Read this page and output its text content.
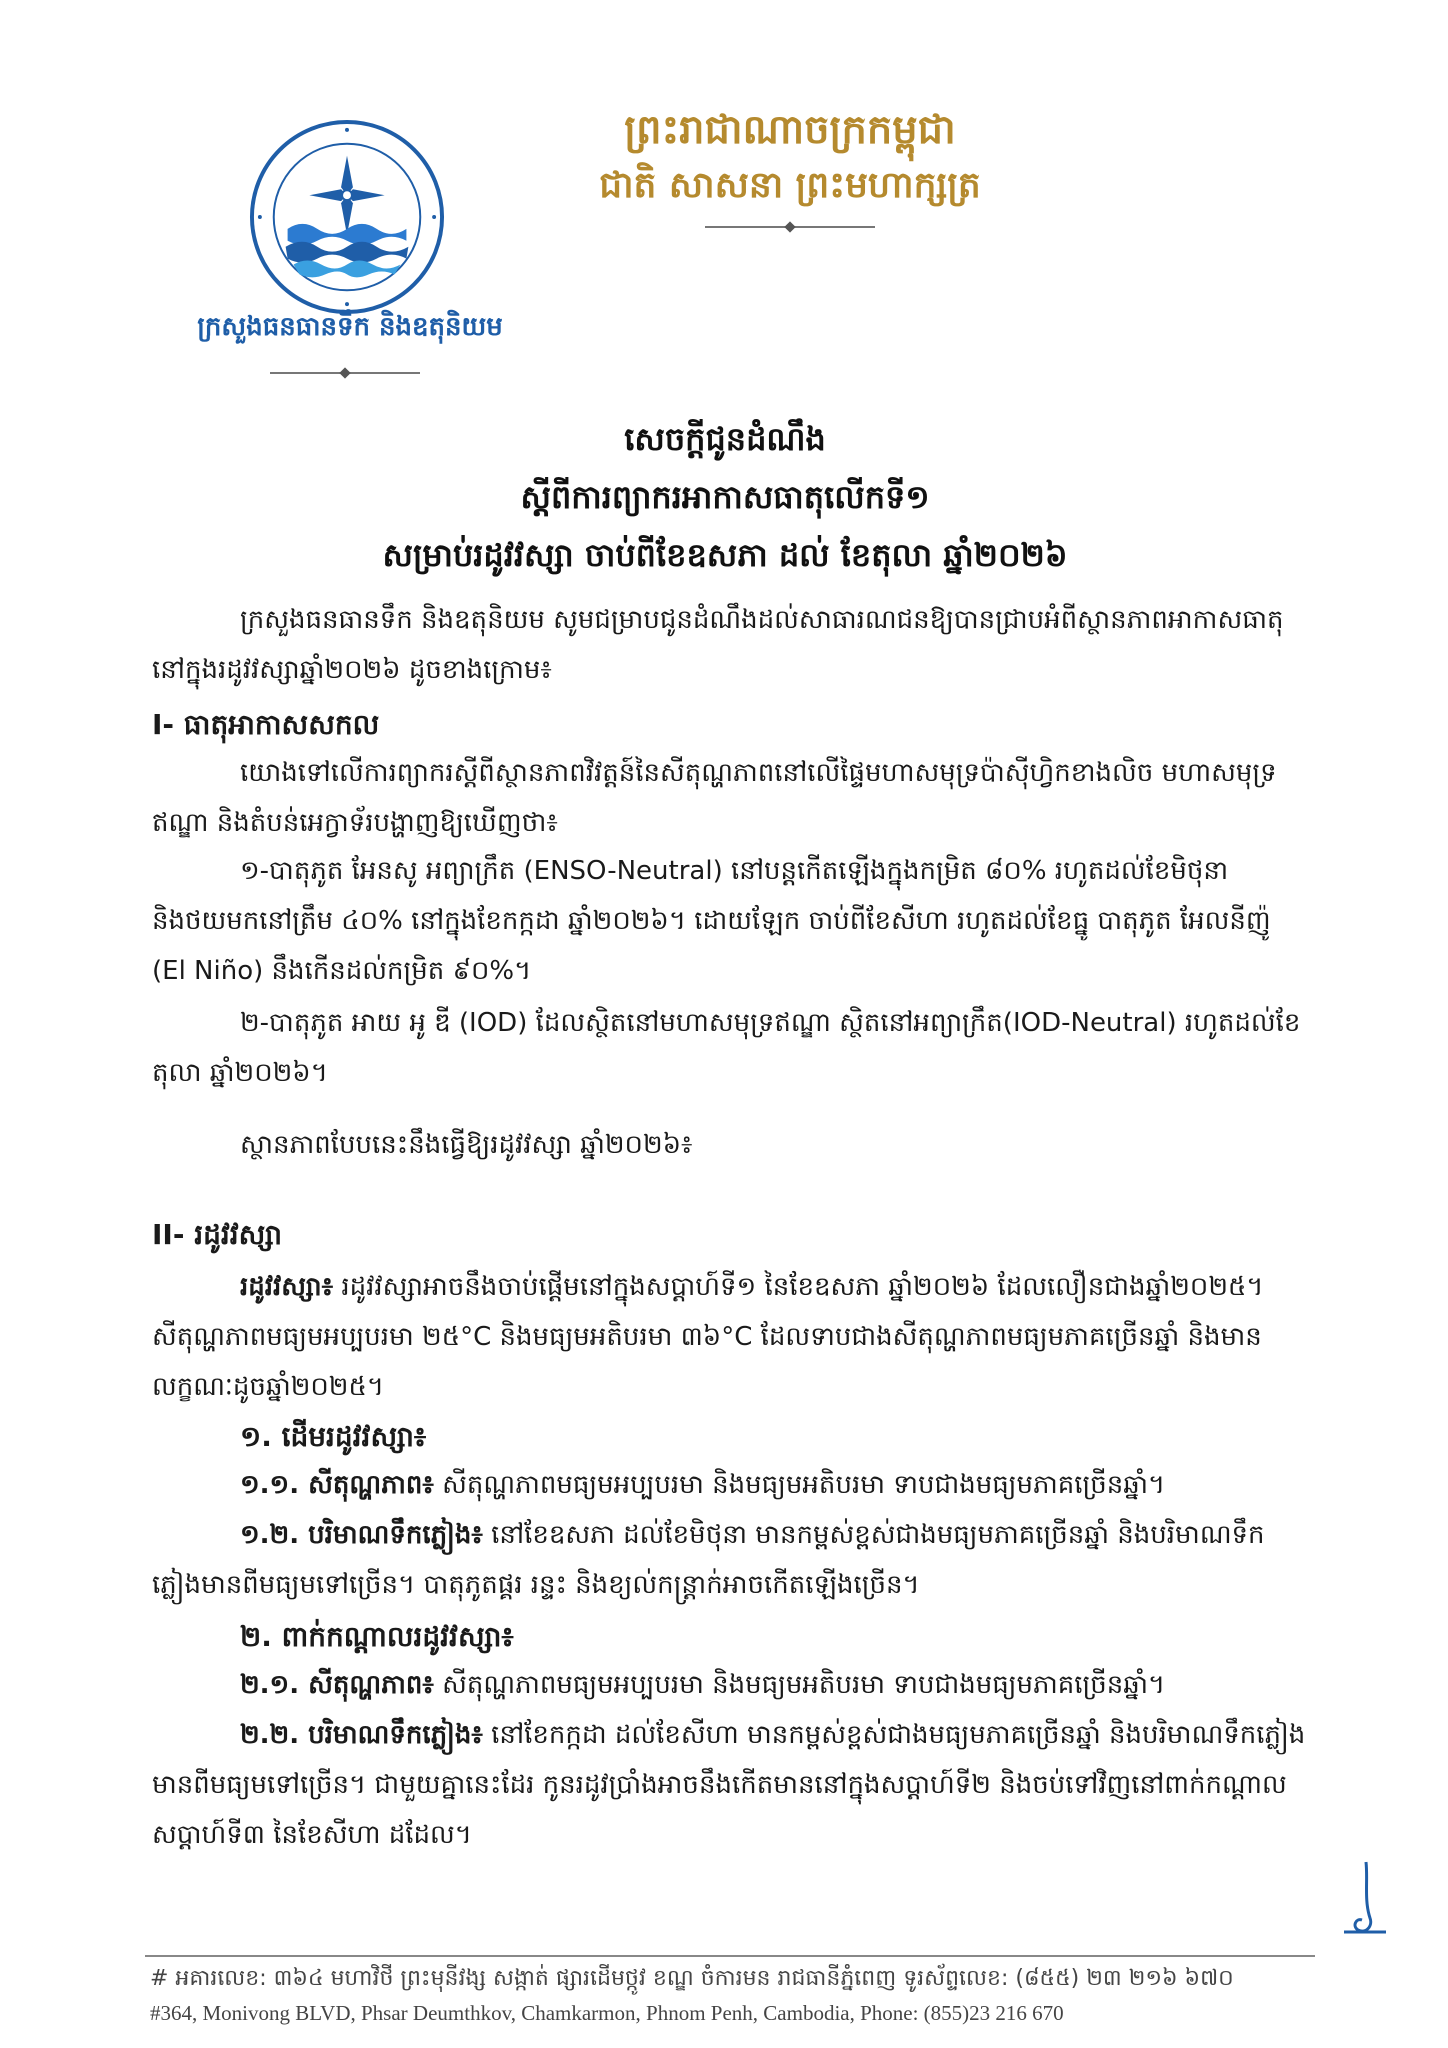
ក្រសួងធនធានទឹក និងឧតុនិយម
ព្រះរាជាណាចក្រកម្ពុជា
ជាតិ សាសនា ព្រះមហាក្សត្រ
សេចក្តីជូនដំណឹង
ស្តីពីការព្យាករអាកាសធាតុលើកទី១
សម្រាប់រដូវវស្សា ចាប់ពីខែឧសភា ដល់ ខែតុលា ឆ្នាំ២០២៦
ក្រសួងធនធានទឹក និងឧតុនិយម សូមជម្រាបជូនដំណឹងដល់សាធារណជនឱ្យបានជ្រាបអំពីស្ថានភាពអាកាសធាតុនៅក្នុងរដូវវស្សាឆ្នាំ២០២៦ ដូចខាងក្រោម៖
I- ធាតុអាកាសសកល
យោងទៅលើការព្យាករស្តីពីស្ថានភាពវិវត្តន៍នៃសីតុណ្ហភាពនៅលើផ្ទៃមហាសមុទ្រប៉ាស៊ីហ្វិកខាងលិច មហាសមុទ្រឥណ្ឌា និងតំបន់អេក្វាទ័របង្ហាញឱ្យឃើញថា៖
១-បាតុភូត អែនសូ អព្យាក្រឹត (ENSO-Neutral) នៅបន្តកើតឡើងក្នុងកម្រិត ៨០% រហូតដល់ខែមិថុនា និងថយមកនៅត្រឹម ៤០% នៅក្នុងខែកក្កដា ឆ្នាំ២០២៦។ ដោយឡែក ចាប់ពីខែសីហា រហូតដល់ខែធ្នូ បាតុភូត អែលនីញ៉ូ (El Niño) នឹងកើនដល់កម្រិត ៩០%។
២-បាតុភូត អាយ អូ ឌី (IOD) ដែលស្ថិតនៅមហាសមុទ្រឥណ្ឌា ស្ថិតនៅអព្យាក្រឹត(IOD-Neutral) រហូតដល់ខែតុលា ឆ្នាំ២០២៦។
ស្ថានភាពបែបនេះនឹងធ្វើឱ្យរដូវវស្សា ឆ្នាំ២០២៦៖
II- រដូវវស្សា
រដូវវស្សា៖ រដូវវស្សាអាចនឹងចាប់ផ្តើមនៅក្នុងសប្តាហ៍ទី១ នៃខែឧសភា ឆ្នាំ២០២៦ ដែលលឿនជាងឆ្នាំ២០២៥។ សីតុណ្ហភាពមធ្យមអប្បបរមា ២៥°C និងមធ្យមអតិបរមា ៣៦°C ដែលទាបជាងសីតុណ្ហភាពមធ្យមភាគច្រើនឆ្នាំ និងមានលក្ខណៈដូចឆ្នាំ២០២៥។
១. ដើមរដូវវស្សា៖
១.១. សីតុណ្ហភាព៖ សីតុណ្ហភាពមធ្យមអប្បបរមា និងមធ្យមអតិបរមា ទាបជាងមធ្យមភាគច្រើនឆ្នាំ។
១.២. បរិមាណទឹកភ្លៀង៖ នៅខែឧសភា ដល់ខែមិថុនា មានកម្ពស់ខ្ពស់ជាងមធ្យមភាគច្រើនឆ្នាំ និងបរិមាណទឹកភ្លៀងមានពីមធ្យមទៅច្រើន។ បាតុភូតផ្គរ រន្ទះ និងខ្យល់កន្ត្រាក់អាចកើតឡើងច្រើន។
២. ពាក់កណ្តាលរដូវវស្សា៖
២.១. សីតុណ្ហភាព៖ សីតុណ្ហភាពមធ្យមអប្បបរមា និងមធ្យមអតិបរមា ទាបជាងមធ្យមភាគច្រើនឆ្នាំ។
២.២. បរិមាណទឹកភ្លៀង៖ នៅខែកក្កដា ដល់ខែសីហា មានកម្ពស់ខ្ពស់ជាងមធ្យមភាគច្រើនឆ្នាំ និងបរិមាណទឹកភ្លៀងមានពីមធ្យមទៅច្រើន។ ជាមួយគ្នានេះដែរ កូនរដូវប្រាំងអាចនឹងកើតមាននៅក្នុងសប្តាហ៍ទី២ និងចប់ទៅវិញនៅពាក់កណ្តាលសប្តាហ៍ទី៣ នៃខែសីហា ដដែល។
# អគារលេខ: ៣៦៤ មហាវិថី ព្រះមុនីវង្ស សង្កាត់ ផ្សារដើមថ្កូវ ខណ្ឌ ចំការមន រាជធានីភ្នំពេញ ទូរស័ព្ទលេខ: (៨៥៥) ២៣ ២១៦ ៦៧០
#364, Monivong BLVD, Phsar Deumthkov, Chamkarmon, Phnom Penh, Cambodia, Phone: (855)23 216 670
